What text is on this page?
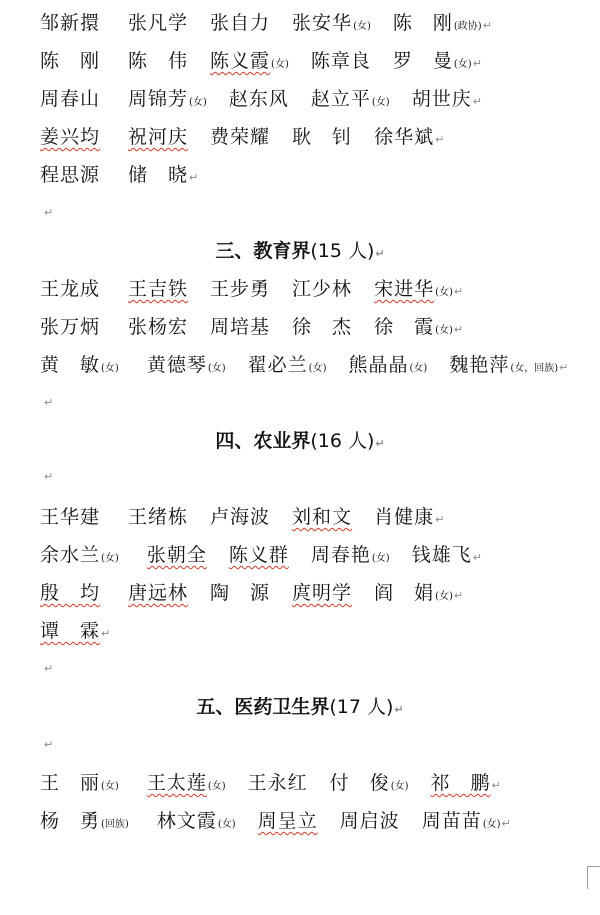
邹新擐 张凡学 张自力 张安华(女) 陈　刚(政协)↵
陈　刚 陈　伟 陈义霞(女) 陈章良 罗　曼(女)↵
周春山 周锦芳(女) 赵东风 赵立平(女) 胡世庆↵
姜兴均 祝河庆 费荣耀 耿　钊 徐华斌↵
程思源 储　晓↵
↵
三、教育界(15 人)↵
王龙成 王吉铁 王步勇 江少林 宋进华(女)↵
张万炳 张杨宏 周培基 徐　杰 徐　霞(女)↵
黄　敏(女) 黄德琴(女) 翟必兰(女) 熊晶晶(女) 魏艳萍(女，回族)↵
↵
四、农业界(16 人)↵
↵
王华建 王绪栋 卢海波 刘和文 肖健康↵
余水兰(女) 张朝全 陈义群 周春艳(女) 钱雄飞↵
殷　均 唐远林 陶　源 庹明学 阎　娟(女)↵
谭　霖↵
↵
五、医药卫生界(17 人)↵
↵
王　丽(女) 王太莲(女) 王永红 付　俊(女) 祁　鹏↵
杨　勇(回族) 林文霞(女) 周呈立 周启波 周苗苗(女)↵
